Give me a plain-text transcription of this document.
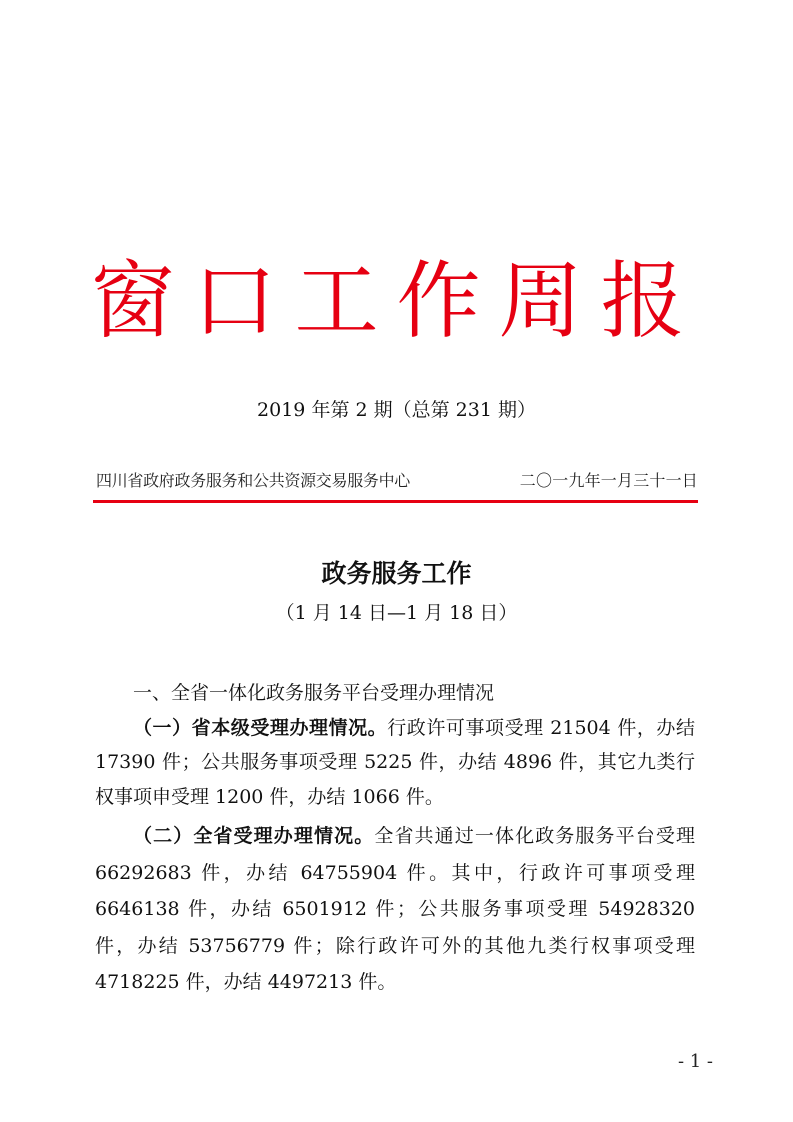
窗口工作周报
2019 年第 2 期（总第 231 期）
四川省政府政务服务和公共资源交易服务中心	二〇一九年一月三十一日
政务服务工作
（1 月 14 日—1 月 18 日）

一、全省一体化政务服务平台受理办理情况

（一）省本级受理办理情况。行政许可事项受理 21504 件，办结 17390 件；公共服务事项受理 5225 件，办结 4896 件，其它九类行权事项申受理 1200 件，办结 1066 件。

（二）全省受理办理情况。全省共通过一体化政务服务平台受理 66292683 件，办结 64755904 件。其中，行政许可事项受理 6646138 件，办结 6501912 件；公共服务事项受理 54928320 件，办结 53756779 件；除行政许可外的其他九类行权事项受理 4718225 件，办结 4497213 件。

- 1 -
